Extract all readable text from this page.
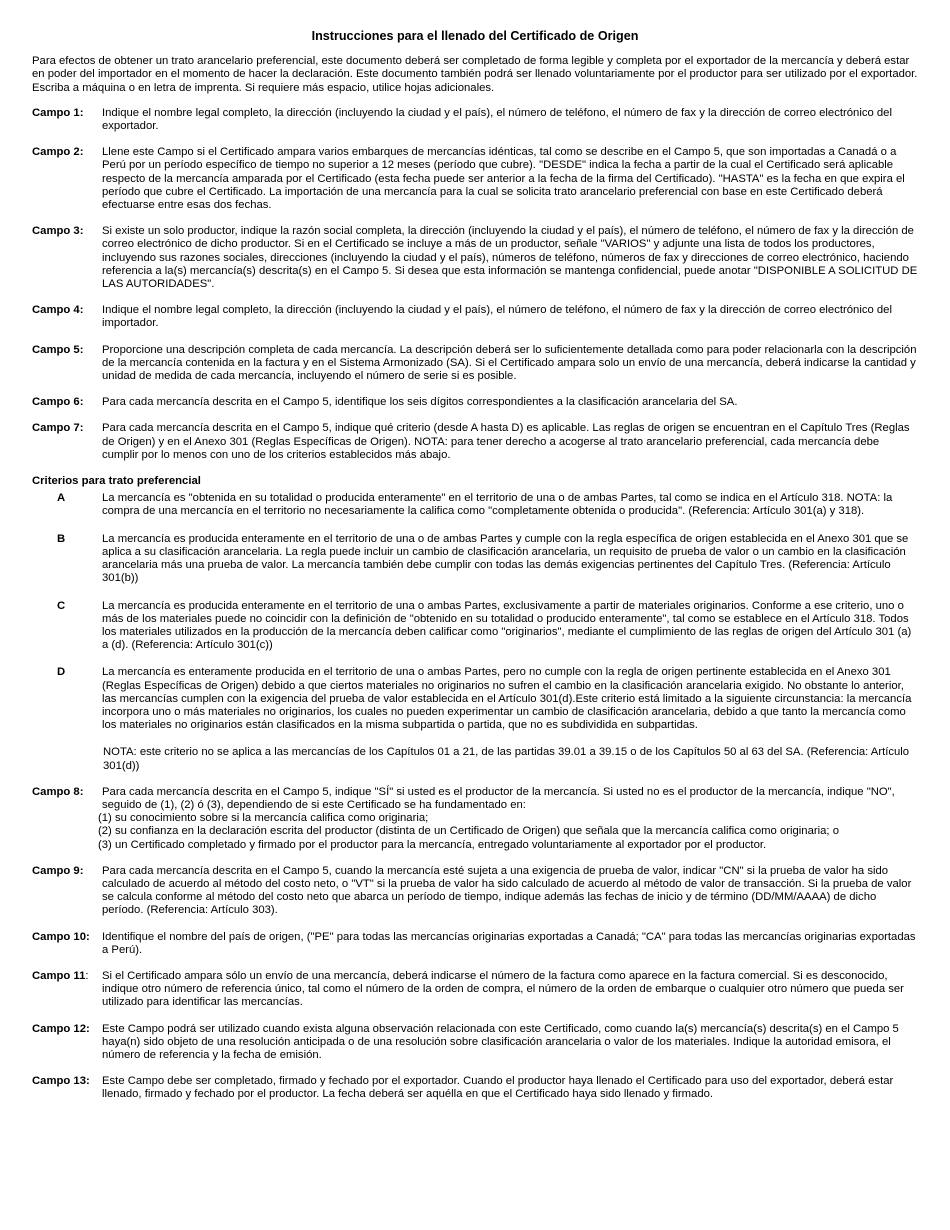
Instrucciones para el llenado del Certificado de Origen
Para efectos de obtener un trato arancelario preferencial, este documento deberá ser completado de forma legible y completa por el exportador de la mercancía y deberá estar en poder del importador en el momento de hacer la declaración. Este documento también podrá ser llenado voluntariamente por el productor para ser utilizado por el exportador. Escriba a máquina o en letra de imprenta. Si requiere más espacio, utilice hojas adicionales.
Campo 1:	Indique el nombre legal completo, la dirección (incluyendo la ciudad y el país), el número de teléfono, el número de fax y la dirección de correo electrónico del exportador.
Campo 2:	Llene este Campo si el Certificado ampara varios embarques de mercancías idénticas, tal como se describe en el Campo 5, que son importadas a Canadá o a Perú por un período específico de tiempo no superior a 12 meses (período que cubre). "DESDE" indica la fecha a partir de la cual el Certificado será aplicable respecto de la mercancía amparada por el Certificado (esta fecha puede ser anterior a la fecha de la firma del Certificado). "HASTA" es la fecha en que expira el período que cubre el Certificado. La importación de una mercancía para la cual se solicita trato arancelario preferencial con base en este Certificado deberá efectuarse entre esas dos fechas.
Campo 3:	Si existe un solo productor, indique la razón social completa, la dirección (incluyendo la ciudad y el país), el número de teléfono, el número de fax y la dirección de correo electrónico de dicho productor. Si en el Certificado se incluye a más de un productor, señale "VARIOS" y adjunte una lista de todos los productores, incluyendo sus razones sociales, direcciones (incluyendo la ciudad y el país), números de teléfono, números de fax y direcciones de correo electrónico, haciendo referencia a la(s) mercancía(s) descrita(s) en el Campo 5. Si desea que esta información se mantenga confidencial, puede anotar "DISPONIBLE A SOLICITUD DE LAS AUTORIDADES".
Campo 4:	Indique el nombre legal completo, la dirección (incluyendo la ciudad y el país), el número de teléfono, el número de fax y la dirección de correo electrónico del importador.
Campo 5:	Proporcione una descripción completa de cada mercancía. La descripción deberá ser lo suficientemente detallada como para poder relacionarla con la descripción de la mercancía contenida en la factura y en el Sistema Armonizado (SA). Si el Certificado ampara solo un envío de una mercancía, deberá indicarse la cantidad y unidad de medida de cada mercancía, incluyendo el número de serie si es posible.
Campo 6:	Para cada mercancía descrita en el Campo 5, identifique los seis dígitos correspondientes a la clasificación arancelaria del SA.
Campo 7:	Para cada mercancía descrita en el Campo 5, indique qué criterio (desde A hasta D) es aplicable. Las reglas de origen se encuentran en el Capítulo Tres (Reglas de Origen) y en el Anexo 301 (Reglas Específicas de Origen). NOTA: para tener derecho a acogerse al trato arancelario preferencial, cada mercancía debe cumplir por lo menos con uno de los criterios establecidos más abajo.
Criterios para trato preferencial
A	La mercancía es "obtenida en su totalidad o producida enteramente" en el territorio de una o de ambas Partes, tal como se indica en el Artículo 318. NOTA: la compra de una mercancía en el territorio no necesariamente la califica como "completamente obtenida o producida". (Referencia: Artículo 301(a) y 318).
B	La mercancía es producida enteramente en el territorio de una o de ambas Partes y cumple con la regla específica de origen establecida en el Anexo 301 que se aplica a su clasificación arancelaria. La regla puede incluir un cambio de clasificación arancelaria, un requisito de prueba de valor o un cambio en la clasificación arancelaria más una prueba de valor. La mercancía también debe cumplir con todas las demás exigencias pertinentes del Capítulo Tres. (Referencia: Artículo 301(b))
C	La mercancía es producida enteramente en el territorio de una o ambas Partes, exclusivamente a partir de materiales originarios. Conforme a ese criterio, uno o más de los materiales puede no coincidir con la definición de "obtenido en su totalidad o producido enteramente", tal como se establece en el Artículo 318. Todos los materiales utilizados en la producción de la mercancía deben calificar como "originarios", mediante el cumplimiento de las reglas de origen del Artículo 301 (a) a (d). (Referencia: Artículo 301(c))
D	La mercancía es enteramente producida en el territorio de una o ambas Partes, pero no cumple con la regla de origen pertinente establecida en el Anexo 301 (Reglas Específicas de Origen) debido a que ciertos materiales no originarios no sufren el cambio en la clasificación arancelaria exigido. No obstante lo anterior, las mercancías cumplen con la exigencia del prueba de valor establecida en el Artículo 301(d).Este criterio está limitado a la siguiente circunstancia: la mercancía incorpora uno o más materiales no originarios, los cuales no pueden experimentar un cambio de clasificación arancelaria, debido a que tanto la mercancía como los materiales no originarios están clasificados en la misma subpartida o partida, que no es subdividida en subpartidas.
NOTA: este criterio no se aplica a las mercancías de los Capítulos 01 a 21, de las partidas 39.01 a 39.15 o de los Capítulos 50 al 63 del SA. (Referencia: Artículo 301(d))
Campo 8:	Para cada mercancía descrita en el Campo 5, indique "SÍ" si usted es el productor de la mercancía. Si usted no es el productor de la mercancía, indique "NO", seguido de (1), (2) ó (3), dependiendo de si este Certificado se ha fundamentado en:

(1) su conocimiento sobre si la mercancía califica como originaria;
(2) su confianza en la declaración escrita del productor (distinta de un Certificado de Origen) que señala que la mercancía califica como originaria; o
(3) un Certificado completado y firmado por el productor para la mercancía, entregado voluntariamente al exportador por el productor.
Campo 9:	Para cada mercancía descrita en el Campo 5, cuando la mercancía esté sujeta a una exigencia de prueba de valor, indicar "CN" si la prueba de valor ha sido calculado de acuerdo al método del costo neto, o "VT" si la prueba de valor ha sido calculado de acuerdo al método de valor de transacción. Si la prueba de valor se calcula conforme al método del costo neto que abarca un período de tiempo, indique además las fechas de inicio y de término (DD/MM/AAAA) de dicho período. (Referencia: Artículo 303).
Campo 10:	Identifique el nombre del país de origen, ("PE" para todas las mercancías originarias exportadas a Canadá; "CA" para todas las mercancías originarias exportadas a Perú).
Campo 11:	Si el Certificado ampara sólo un envío de una mercancía, deberá indicarse el número de la factura como aparece en la factura comercial. Si es desconocido, indique otro número de referencia único, tal como el número de la orden de compra, el número de la orden de embarque o cualquier otro número que pueda ser utilizado para identificar las mercancías.
Campo 12:	Este Campo podrá ser utilizado cuando exista alguna observación relacionada con este Certificado, como cuando la(s) mercancía(s) descrita(s) en el Campo 5 haya(n) sido objeto de una resolución anticipada o de una resolución sobre clasificación arancelaria o valor de los materiales. Indique la autoridad emisora, el número de referencia y la fecha de emisión.
Campo 13:	Este Campo debe ser completado, firmado y fechado por el exportador. Cuando el productor haya llenado el Certificado para uso del exportador, deberá estar llenado, firmado y fechado por el productor. La fecha deberá ser aquélla en que el Certificado haya sido llenado y firmado.
